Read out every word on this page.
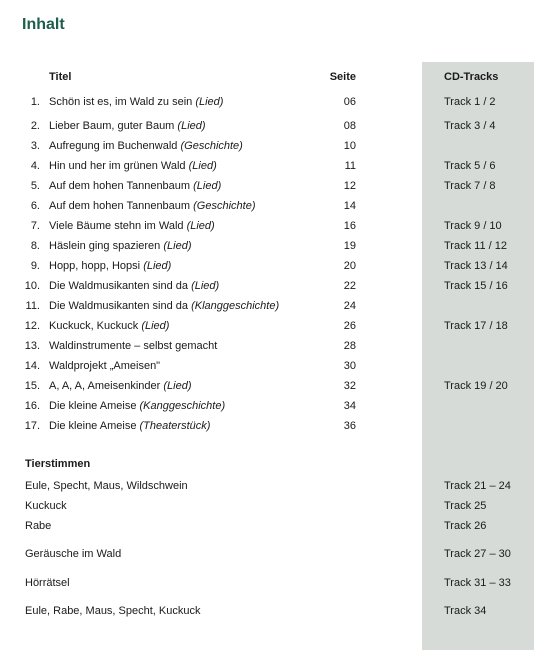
Inhalt
Titel	Seite	CD-Tracks
1. Schön ist es, im Wald zu sein (Lied)	06	Track 1 / 2
2. Lieber Baum, guter Baum (Lied)	08	Track 3 / 4
3. Aufregung im Buchenwald (Geschichte)	10
4. Hin und her im grünen Wald (Lied)	11	Track 5 / 6
5. Auf dem hohen Tannenbaum (Lied)	12	Track 7 / 8
6. Auf dem hohen Tannenbaum (Geschichte)	14
7. Viele Bäume stehn im Wald (Lied)	16	Track 9 / 10
8. Häslein ging spazieren (Lied)	19	Track 11 / 12
9. Hopp, hopp, Hopsi (Lied)	20	Track 13 / 14
10. Die Waldmusikanten sind da (Lied)	22	Track 15 / 16
11. Die Waldmusikanten sind da (Klanggeschichte)	24
12. Kuckuck, Kuckuck (Lied)	26	Track 17 / 18
13. Waldinstrumente – selbst gemacht	28
14. Waldprojekt „Ameisen"	30
15. A, A, A, Ameisenkinder (Lied)	32	Track 19 / 20
16. Die kleine Ameise (Kanggeschichte)	34
17. Die kleine Ameise (Theaterstück)	36
Tierstimmen
Eule, Specht, Maus, Wildschwein	Track 21 – 24
Kuckuck	Track 25
Rabe	Track 26
Geräusche im Wald	Track 27 – 30
Hörrätsel	Track 31 – 33
Eule, Rabe, Maus, Specht, Kuckuck	Track 34
